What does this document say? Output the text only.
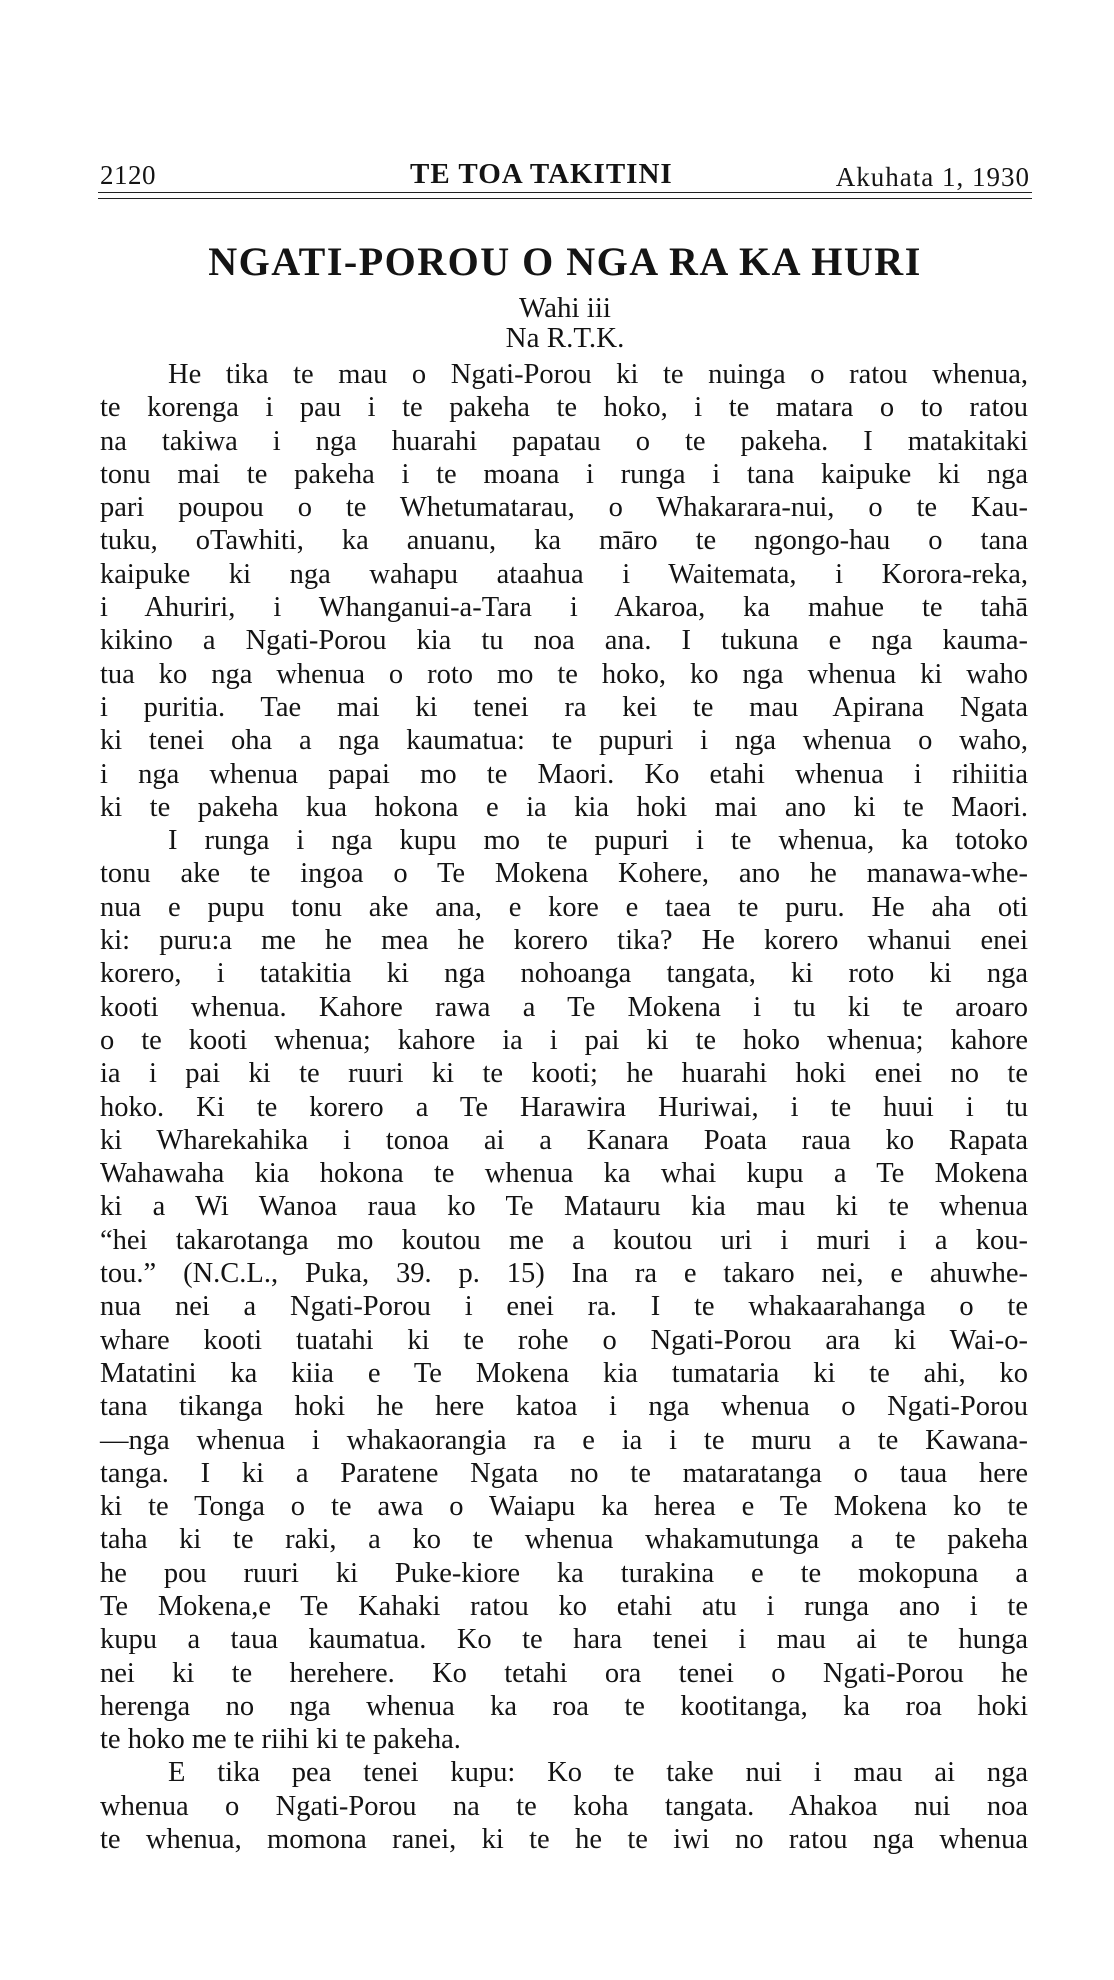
2120	TE TOA TAKITINI	Akuhata 1, 1930
NGATI-POROU O NGA RA KA HURI
Wahi iii
Na R.T.K.
He tika te mau o Ngati-Porou ki te nuinga o ratou whenua,
te korenga i pau i te pakeha te hoko, i te matara o to ratou
na takiwa i nga huarahi papatau o te pakeha. I matakitaki
tonu mai te pakeha i te moana i runga i tana kaipuke ki nga
pari poupou o te Whetumatarau, o Whakarara-nui, o te Kau-
tuku, oTawhiti, ka anuanu, ka māro te ngongo-hau o tana
kaipuke ki nga wahapu ataahua i Waitemata, i Korora-reka,
i Ahuriri, i Whanganui-a-Tara i Akaroa, ka mahue te tahā
kikino a Ngati-Porou kia tu noa ana. I tukuna e nga kauma-
tua ko nga whenua o roto mo te hoko, ko nga whenua ki waho
i puritia. Tae mai ki tenei ra kei te mau Apirana Ngata
ki tenei oha a nga kaumatua: te pupuri i nga whenua o waho,
i nga whenua papai mo te Maori. Ko etahi whenua i rihiitia
ki te pakeha kua hokona e ia kia hoki mai ano ki te Maori.
I runga i nga kupu mo te pupuri i te whenua, ka totoko
tonu ake te ingoa o Te Mokena Kohere, ano he manawa-whe-
nua e pupu tonu ake ana, e kore e taea te puru. He aha oti
ki: puru:a me he mea he korero tika? He korero whanui enei
korero, i tatakitia ki nga nohoanga tangata, ki roto ki nga
kooti whenua. Kahore rawa a Te Mokena i tu ki te aroaro
o te kooti whenua; kahore ia i pai ki te hoko whenua; kahore
ia i pai ki te ruuri ki te kooti; he huarahi hoki enei no te
hoko. Ki te korero a Te Harawira Huriwai, i te huui i tu
ki Wharekahika i tonoa ai a Kanara Poata raua ko Rapata
Wahawaha kia hokona te whenua ka whai kupu a Te Mokena
ki a Wi Wanoa raua ko Te Matauru kia mau ki te whenua
“hei takarotanga mo koutou me a koutou uri i muri i a kou-
tou.” (N.C.L., Puka, 39. p. 15) Ina ra e takaro nei, e ahuwhe-
nua nei a Ngati-Porou i enei ra. I te whakaarahanga o te
whare kooti tuatahi ki te rohe o Ngati-Porou ara ki Wai-o-
Matatini ka kiia e Te Mokena kia tumataria ki te ahi, ko
tana tikanga hoki he here katoa i nga whenua o Ngati-Porou
—nga whenua i whakaorangia ra e ia i te muru a te Kawana-
tanga. I ki a Paratene Ngata no te mataratanga o taua here
ki te Tonga o te awa o Waiapu ka herea e Te Mokena ko te
taha ki te raki, a ko te whenua whakamutunga a te pakeha
he pou ruuri ki Puke-kiore ka turakina e te mokopuna a
Te Mokena,e Te Kahaki ratou ko etahi atu i runga ano i te
kupu a taua kaumatua. Ko te hara tenei i mau ai te hunga
nei ki te herehere. Ko tetahi ora tenei o Ngati-Porou he
herenga no nga whenua ka roa te kootitanga, ka roa hoki
te hoko me te riihi ki te pakeha.
E tika pea tenei kupu: Ko te take nui i mau ai nga
whenua o Ngati-Porou na te koha tangata. Ahakoa nui noa
te whenua, momona ranei, ki te he te iwi no ratou nga whenua
